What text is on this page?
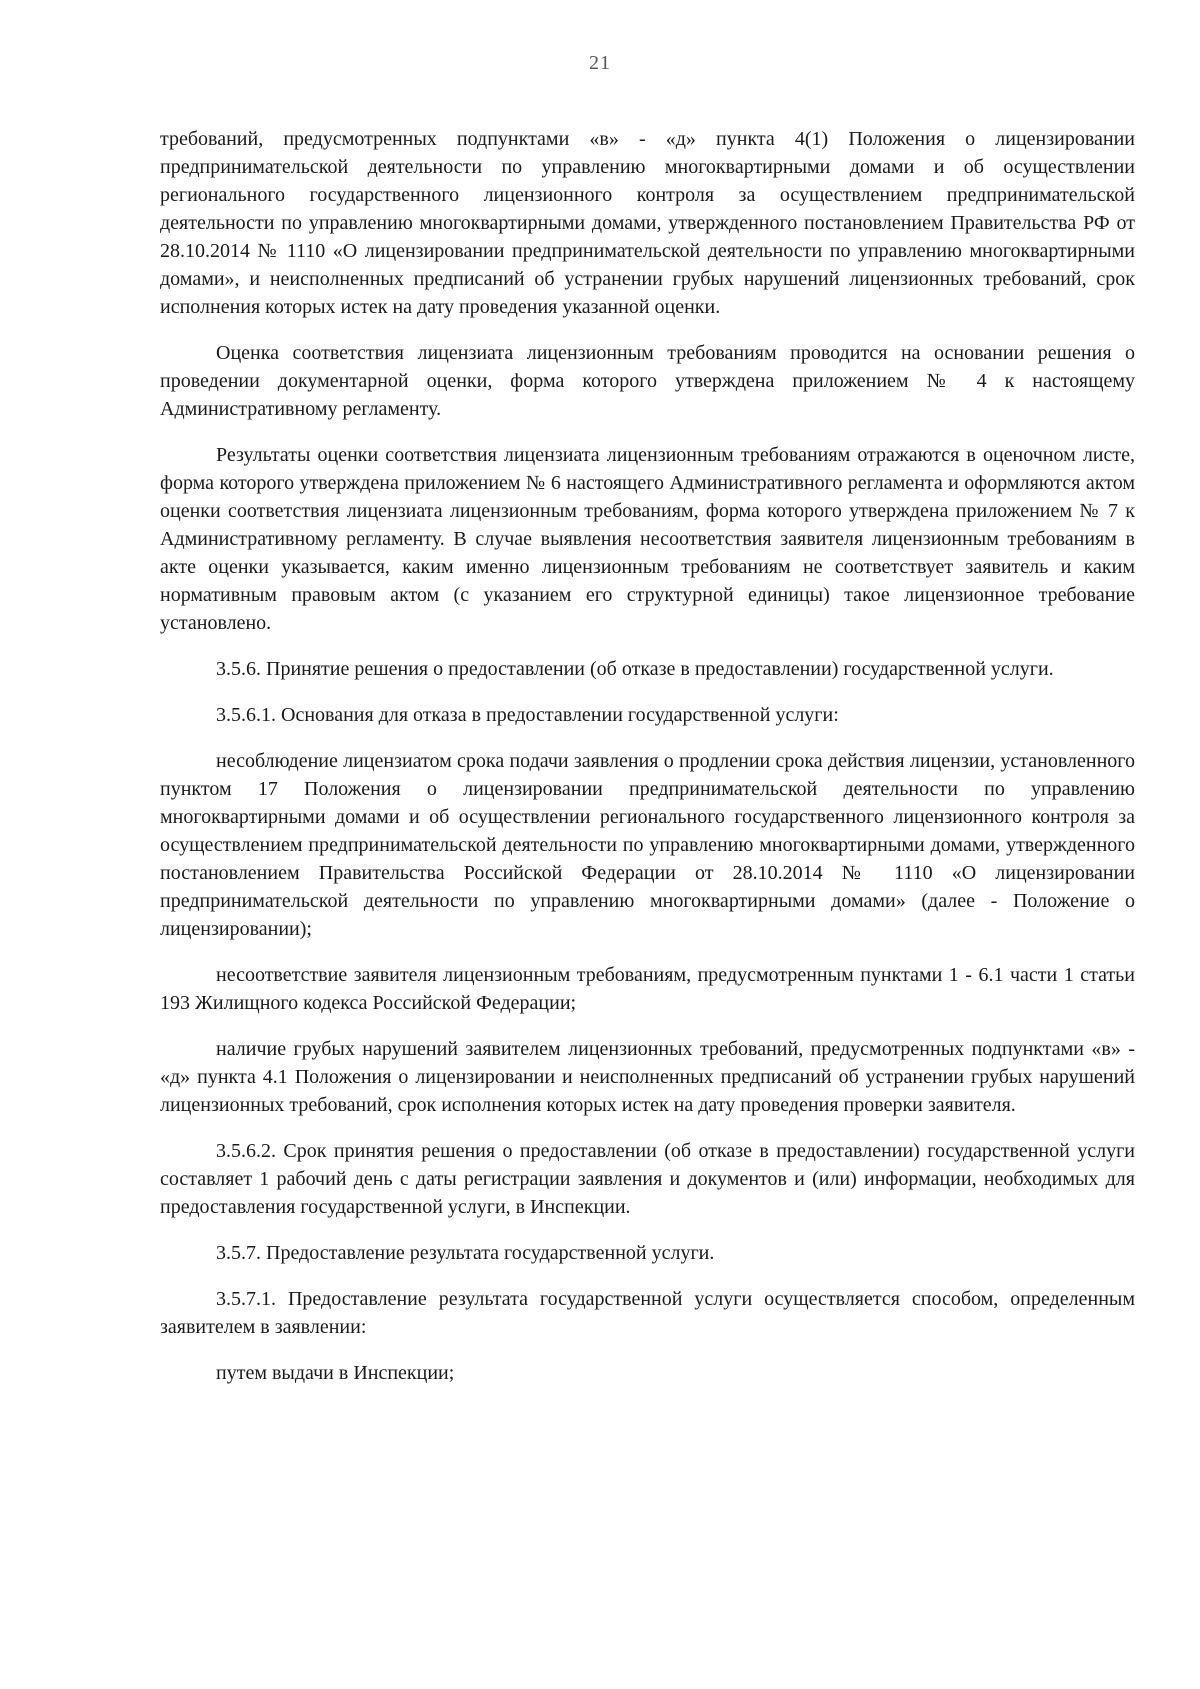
21

требований, предусмотренных подпунктами «в» - «д» пункта 4(1) Положения о лицензировании предпринимательской деятельности по управлению многоквартирными домами и об осуществлении регионального государственного лицензионного контроля за осуществлением предпринимательской деятельности по управлению многоквартирными домами, утвержденного постановлением Правительства РФ от 28.10.2014 № 1110 «О лицензировании предпринимательской деятельности по управлению многоквартирными домами», и неисполненных предписаний об устранении грубых нарушений лицензионных требований, срок исполнения которых истек на дату проведения указанной оценки.

Оценка соответствия лицензиата лицензионным требованиям проводится на основании решения о проведении документарной оценки, форма которого утверждена приложением № 4 к настоящему Административному регламенту.

Результаты оценки соответствия лицензиата лицензионным требованиям отражаются в оценочном листе, форма которого утверждена приложением № 6 настоящего Административного регламента и оформляются актом оценки соответствия лицензиата лицензионным требованиям, форма которого утверждена приложением № 7 к Административному регламенту. В случае выявления несоответствия заявителя лицензионным требованиям в акте оценки указывается, каким именно лицензионным требованиям не соответствует заявитель и каким нормативным правовым актом (с указанием его структурной единицы) такое лицензионное требование установлено.

3.5.6. Принятие решения о предоставлении (об отказе в предоставлении) государственной услуги.

3.5.6.1. Основания для отказа в предоставлении государственной услуги:

несоблюдение лицензиатом срока подачи заявления о продлении срока действия лицензии, установленного пунктом 17 Положения о лицензировании предпринимательской деятельности по управлению многоквартирными домами и об осуществлении регионального государственного лицензионного контроля за осуществлением предпринимательской деятельности по управлению многоквартирными домами, утвержденного постановлением Правительства Российской Федерации от 28.10.2014 № 1110 «О лицензировании предпринимательской деятельности по управлению многоквартирными домами» (далее - Положение о лицензировании);

несоответствие заявителя лицензионным требованиям, предусмотренным пунктами 1 - 6.1 части 1 статьи 193 Жилищного кодекса Российской Федерации;

наличие грубых нарушений заявителем лицензионных требований, предусмотренных подпунктами «в» - «д» пункта 4.1 Положения о лицензировании и неисполненных предписаний об устранении грубых нарушений лицензионных требований, срок исполнения которых истек на дату проведения проверки заявителя.

3.5.6.2. Срок принятия решения о предоставлении (об отказе в предоставлении) государственной услуги составляет 1 рабочий день с даты регистрации заявления и документов и (или) информации, необходимых для предоставления государственной услуги, в Инспекции.

3.5.7. Предоставление результата государственной услуги.

3.5.7.1. Предоставление результата государственной услуги осуществляется способом, определенным заявителем в заявлении:

путем выдачи в Инспекции;
